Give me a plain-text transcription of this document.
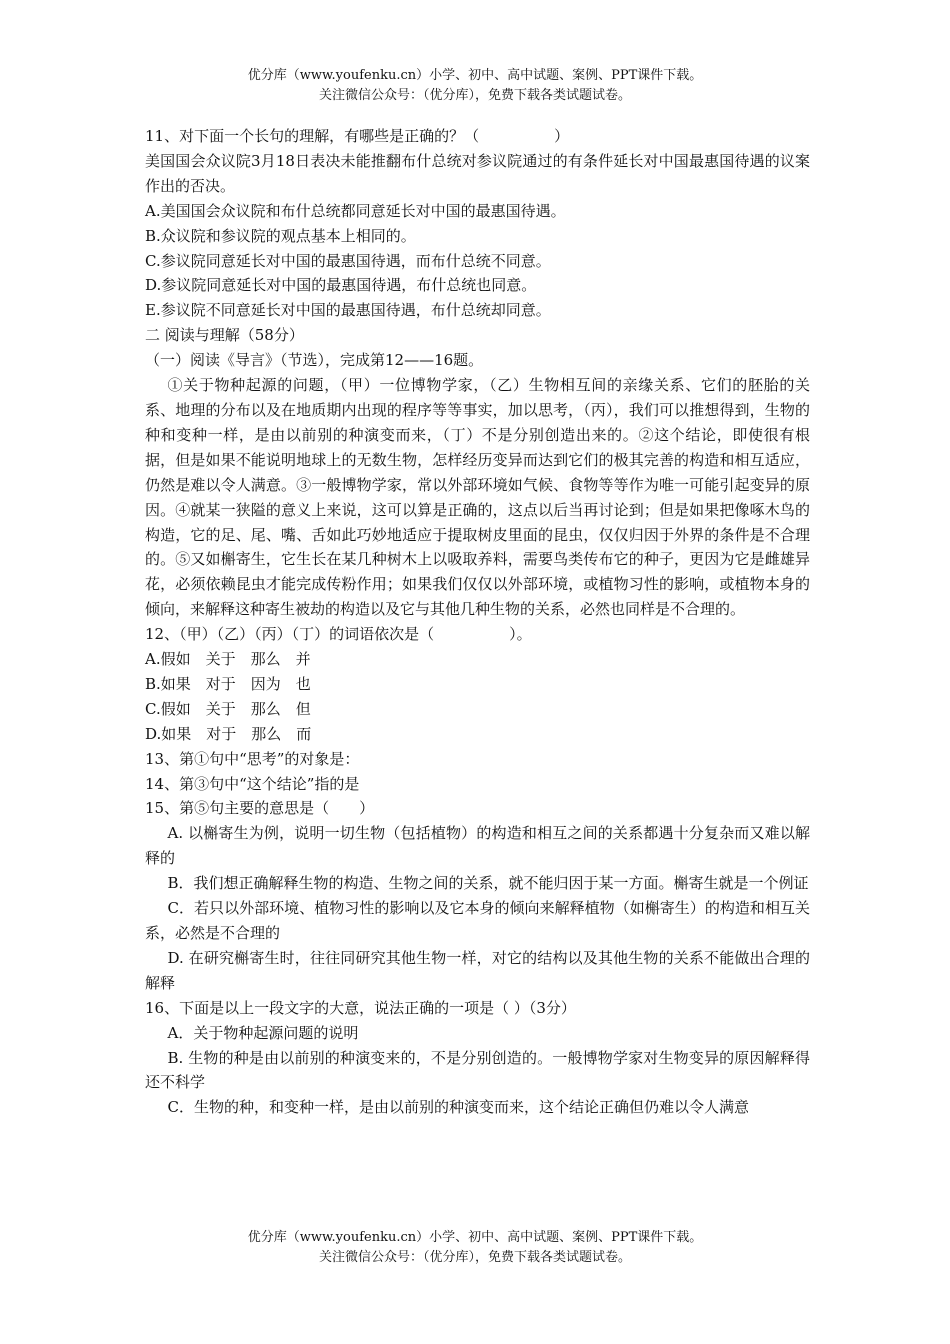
优分库（www.youfenku.cn）小学、初中、高中试题、案例、PPT课件下载。
关注微信公众号：（优分库），免费下载各类试题试卷。

11、对下面一个长句的理解，有哪些是正确的？（　　　　　）

美国国会众议院3月18日表决未能推翻布什总统对参议院通过的有条件延长对中国最惠国待遇的议案作出的否决。

A.美国国会众议院和布什总统都同意延长对中国的最惠国待遇。

B.众议院和参议院的观点基本上相同的。

C.参议院同意延长对中国的最惠国待遇，而布什总统不同意。

D.参议院同意延长对中国的最惠国待遇，布什总统也同意。

E.参议院不同意延长对中国的最惠国待遇，布什总统却同意。

二 阅读与理解（58分）

（一）阅读《导言》（节选），完成第12——16题。

①关于物种起源的问题，（甲）一位博物学家，（乙）生物相互间的亲缘关系、它们的胚胎的关系、地理的分布以及在地质期内出现的程序等等事实，加以思考，（丙），我们可以推想得到，生物的种和变种一样，是由以前别的种演变而来，（丁）不是分别创造出来的。②这个结论，即使很有根据，但是如果不能说明地球上的无数生物，怎样经历变异而达到它们的极其完善的构造和相互适应，仍然是难以令人满意。③一般博物学家，常以外部环境如气候、食物等等作为唯一可能引起变异的原因。④就某一狭隘的意义上来说，这可以算是正确的，这点以后当再讨论到；但是如果把像啄木鸟的构造，它的足、尾、嘴、舌如此巧妙地适应于提取树皮里面的昆虫，仅仅归因于外界的条件是不合理的。⑤又如槲寄生，它生长在某几种树木上以吸取养料，需要鸟类传布它的种子，更因为它是雌雄异花，必须依赖昆虫才能完成传粉作用；如果我们仅仅以外部环境，或植物习性的影响，或植物本身的倾向，来解释这种寄生被劫的构造以及它与其他几种生物的关系，必然也同样是不合理的。

12、（甲）（乙）（丙）（丁）的词语依次是（　　　　　）。

A.假如　关于　那么　并

B.如果　对于　因为　也

C.假如　关于　那么　但

D.如果　对于　那么　而

13、第①句中“思考”的对象是：

14、第③句中“这个结论”指的是

15、第⑤句主要的意思是（　　）

A. 以槲寄生为例，说明一切生物（包括植物）的构造和相互之间的关系都遇十分复杂而又难以解释的

B．我们想正确解释生物的构造、生物之间的关系，就不能归因于某一方面。槲寄生就是一个例证

C．若只以外部环境、植物习性的影响以及它本身的倾向来解释植物（如槲寄生）的构造和相互关系，必然是不合理的

D. 在研究槲寄生时，往往同研究其他生物一样，对它的结构以及其他生物的关系不能做出合理的解释

16、下面是以上一段文字的大意，说法正确的一项是（ ）（3分）

A．关于物种起源问题的说明

B. 生物的种是由以前别的种演变来的，不是分别创造的。一般博物学家对生物变异的原因解释得还不科学

C．生物的种，和变种一样，是由以前别的种演变而来，这个结论正确但仍难以令人满意

优分库（www.youfenku.cn）小学、初中、高中试题、案例、PPT课件下载。
关注微信公众号：（优分库），免费下载各类试题试卷。
